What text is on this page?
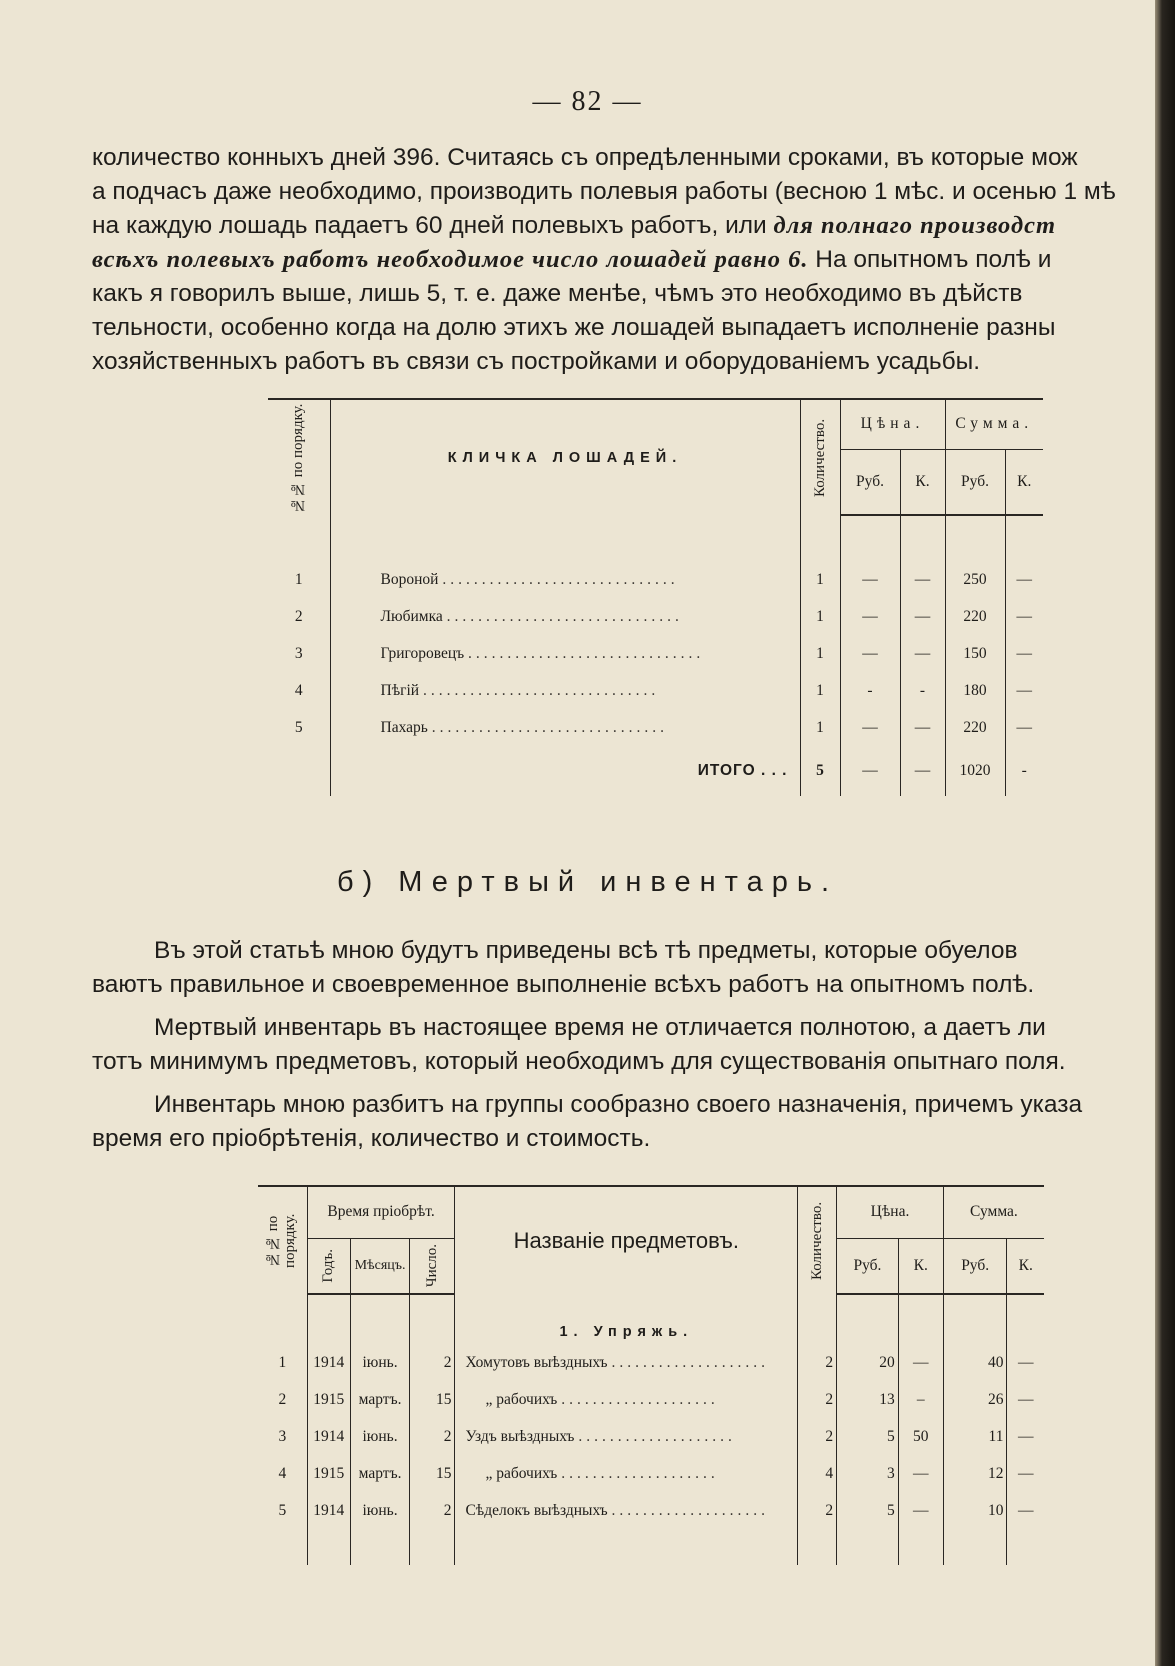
— 82 —
количество конныхъ дней 396. Считаясь съ опредѣленными сроками, въ которые мож
а подчасъ даже необходимо, производить полевыя работы (весною 1 мѣс. и осенью 1 мѣ
на каждую лошадь падаетъ 60 дней полевыхъ работъ, или для полнаго производст
всѣхъ полевыхъ работъ необходимое число лошадей равно 6. На опытномъ полѣ и
какъ я говорилъ выше, лишь 5, т. е. даже менѣе, чѣмъ это необходимо въ дѣйств
тельности, особенно когда на долю этихъ же лошадей выпадаетъ исполненіе разны
хозяйственныхъ работъ въ связи съ постройками и оборудованіемъ усадьбы.
№№ по порядку.	КЛИЧКА ЛОШАДЕЙ.	Количество.	Цѣна.		Сумма.	
			Руб.	К.	Руб.	К.

1	Вороной ..............................	1	—	—	250	—
2	Любимка ..............................	1	—	—	220	—
3	Григоровецъ ..............................	1	—	—	150	—
4	Пѣгій ..............................	1	-	-	180	—
5	Пахарь ..............................	1	—	—	220	—
	ИТОГО . . .	5	—	—	1020	-
б) Мертвый инвентарь.
Въ этой статьѣ мною будутъ приведены всѣ тѣ предметы, которые обуелов
ваютъ правильное и своевременное выполненіе всѣхъ работъ на опытномъ полѣ.
Мертвый инвентарь въ настоящее время не отличается полнотою, а даетъ ли
тотъ минимумъ предметовъ, который необходимъ для существованія опытнаго поля.
Инвентарь мною разбитъ на группы сообразно своего назначенія, причемъ указа
время его пріобрѣтенія, количество и стоимость.
№№ по порядку.	Время пріобрѣт.			Названіе предметовъ.	Количество.	Цѣна.		Сумма.	

	Годъ.	Мѣсяцъ.	Число.			Руб.	К.	Руб.	К.
				1. Упряжь.					
1	1914	іюнь.	2	Хомутовъ выѣздныхъ ....................	2	20	—	40	—
2	1915	мартъ.	15	„ рабочихъ ....................	2	13	–	26	—
3	1914	іюнь.	2	Уздъ выѣздныхъ ....................	2	5	50	11	—
4	1915	мартъ.	15	„ рабочихъ ....................	4	3	—	12	—
5	1914	іюнь.	2	Сѣделокъ выѣздныхъ ....................	2	5	—	10	—
